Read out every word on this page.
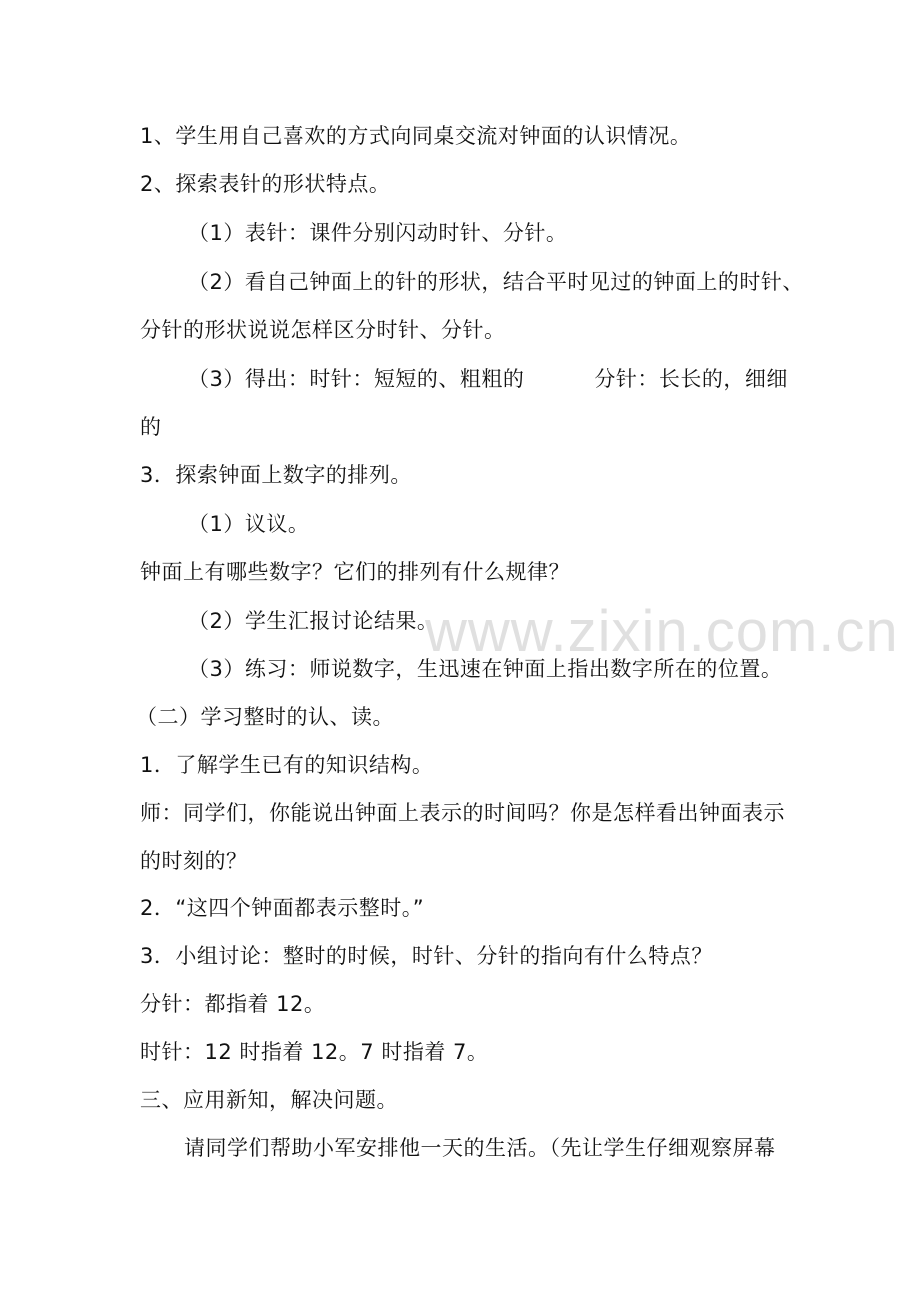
www.zixin.com.cn
1、学生用自己喜欢的方式向同桌交流对钟面的认识情况。
2、探索表针的形状特点。
（1）表针：课件分别闪动时针、分针。
（2）看自己钟面上的针的形状，结合平时见过的钟面上的时针、
分针的形状说说怎样区分时针、分针。
（3）得出：时针：短短的、粗粗的	分针：长长的，细细
的
3．探索钟面上数字的排列。
（1）议议。
钟面上有哪些数字？它们的排列有什么规律？
（2）学生汇报讨论结果。
（3）练习：师说数字，生迅速在钟面上指出数字所在的位置。
（二）学习整时的认、读。
1．了解学生已有的知识结构。
师：同学们，你能说出钟面上表示的时间吗？你是怎样看出钟面表示
的时刻的？
2．“这四个钟面都表示整时。”
3．小组讨论：整时的时候，时针、分针的指向有什么特点？
分针：都指着 12。
时针：12 时指着 12。7 时指着 7。
三、应用新知，解决问题。
请同学们帮助小军安排他一天的生活。（先让学生仔细观察屏幕
